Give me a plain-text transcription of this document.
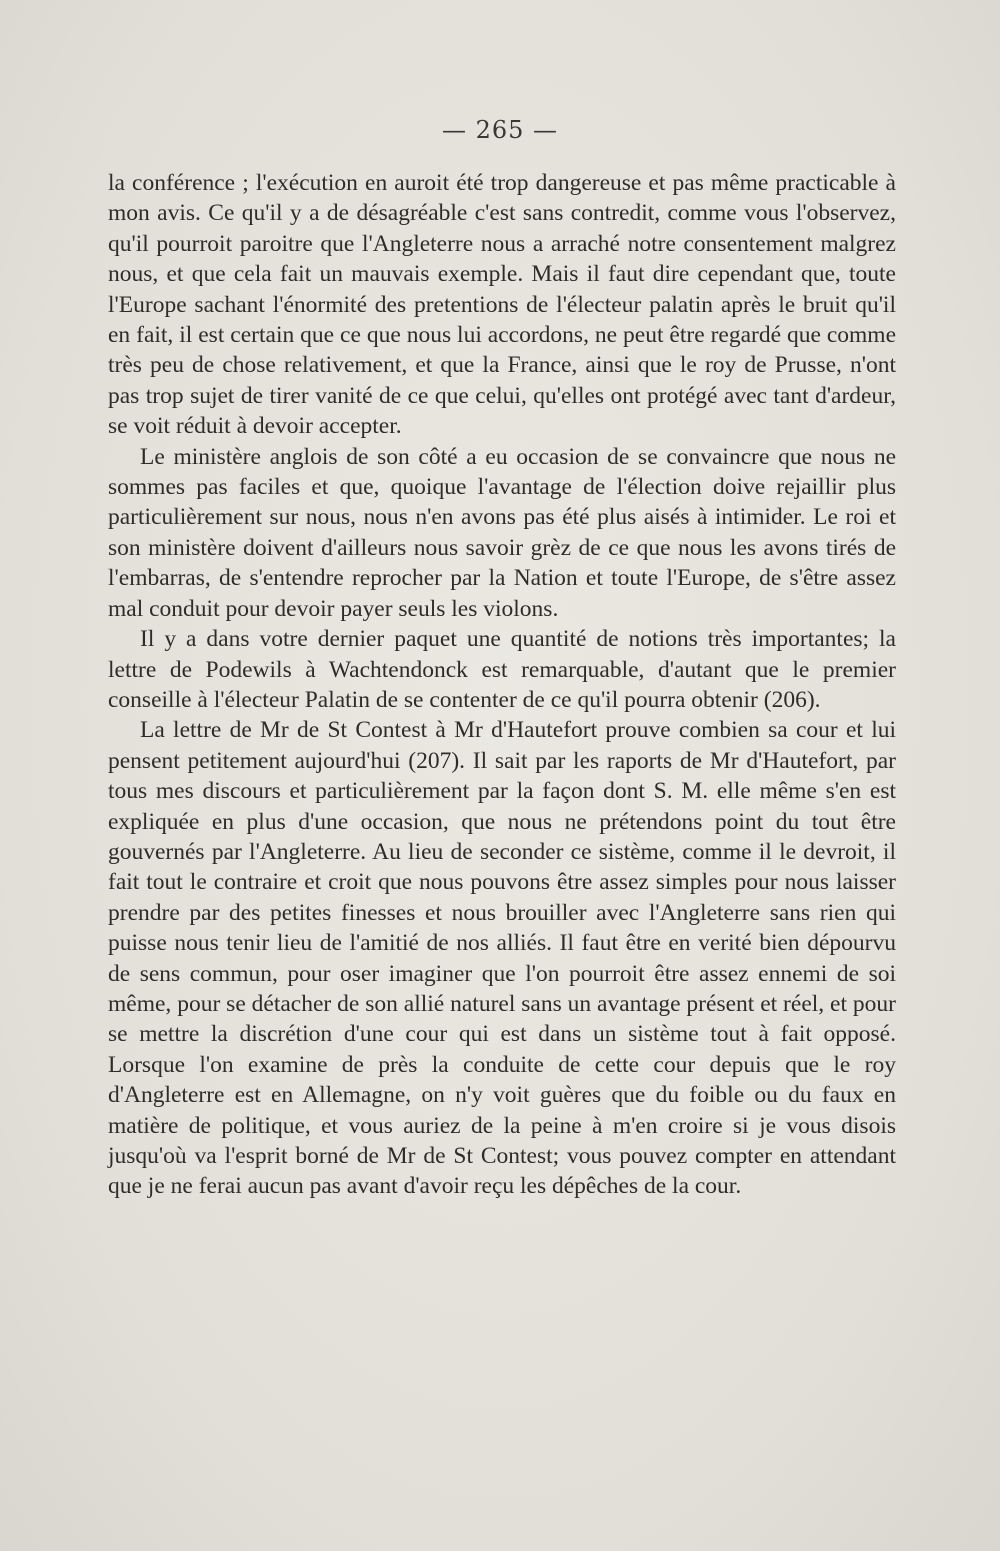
— 265 —

la conférence ; l'exécution en auroit été trop dangereuse et pas même practicable à mon avis. Ce qu'il y a de désagréable c'est sans contredit, comme vous l'observez, qu'il pourroit paroitre que l'Angleterre nous a arraché notre consentement malgrez nous, et que cela fait un mauvais exemple. Mais il faut dire cependant que, toute l'Europe sachant l'énormité des pretentions de l'électeur palatin après le bruit qu'il en fait, il est certain que ce que nous lui accordons, ne peut être regardé que comme très peu de chose relativement, et que la France, ainsi que le roy de Prusse, n'ont pas trop sujet de tirer vanité de ce que celui, qu'elles ont protégé avec tant d'ardeur, se voit réduit à devoir accepter.

Le ministère anglois de son côté a eu occasion de se convaincre que nous ne sommes pas faciles et que, quoique l'avantage de l'élection doive rejaillir plus particulièrement sur nous, nous n'en avons pas été plus aisés à intimider. Le roi et son ministère doivent d'ailleurs nous savoir grèz de ce que nous les avons tirés de l'embarras, de s'entendre reprocher par la Nation et toute l'Europe, de s'être assez mal conduit pour devoir payer seuls les violons.

Il y a dans votre dernier paquet une quantité de notions très importantes; la lettre de Podewils à Wachtendonck est remarquable, d'autant que le premier conseille à l'électeur Palatin de se contenter de ce qu'il pourra obtenir (206).

La lettre de Mr de St Contest à Mr d'Hautefort prouve combien sa cour et lui pensent petitement aujourd'hui (207). Il sait par les raports de Mr d'Hautefort, par tous mes discours et particulièrement par la façon dont S. M. elle même s'en est expliquée en plus d'une occasion, que nous ne prétendons point du tout être gouvernés par l'Angleterre. Au lieu de seconder ce sistème, comme il le devroit, il fait tout le contraire et croit que nous pouvons être assez simples pour nous laisser prendre par des petites finesses et nous brouiller avec l'Angleterre sans rien qui puisse nous tenir lieu de l'amitié de nos alliés. Il faut être en verité bien dépourvu de sens commun, pour oser imaginer que l'on pourroit être assez ennemi de soi même, pour se détacher de son allié naturel sans un avantage présent et réel, et pour se mettre la discrétion d'une cour qui est dans un sistème tout à fait opposé. Lorsque l'on examine de près la conduite de cette cour depuis que le roy d'Angleterre est en Allemagne, on n'y voit guères que du foible ou du faux en matière de politique, et vous auriez de la peine à m'en croire si je vous disois jusqu'où va l'esprit borné de Mr de St Contest; vous pouvez compter en attendant que je ne ferai aucun pas avant d'avoir reçu les dépêches de la cour.
